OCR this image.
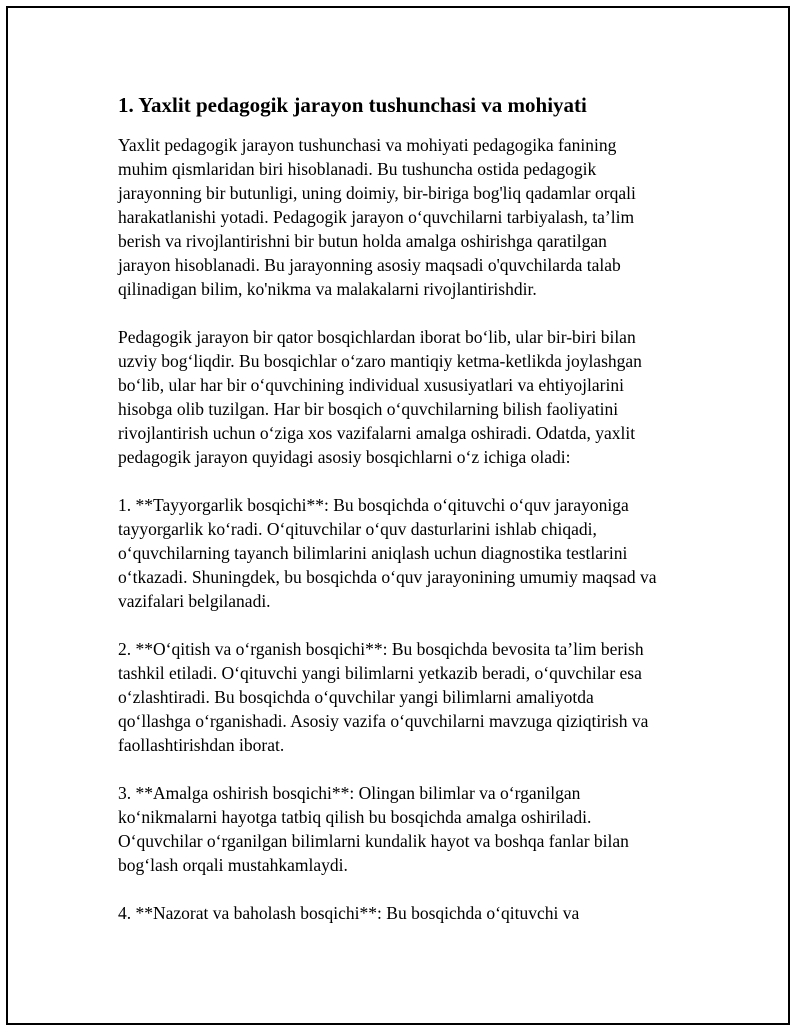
1. Yaxlit pedagogik jarayon tushunchasi va mohiyati

Yaxlit pedagogik jarayon tushunchasi va mohiyati pedagogika fanining
muhim qismlaridan biri hisoblanadi. Bu tushuncha ostida pedagogik
jarayonning bir butunligi, uning doimiy, bir-biriga bog'liq qadamlar orqali
harakatlanishi yotadi. Pedagogik jarayon o‘quvchilarni tarbiyalash, ta’lim
berish va rivojlantirishni bir butun holda amalga oshirishga qaratilgan
jarayon hisoblanadi. Bu jarayonning asosiy maqsadi o'quvchilarda talab
qilinadigan bilim, ko'nikma va malakalarni rivojlantirishdir.

Pedagogik jarayon bir qator bosqichlardan iborat bo‘lib, ular bir-biri bilan
uzviy bog‘liqdir. Bu bosqichlar o‘zaro mantiqiy ketma-ketlikda joylashgan
bo‘lib, ular har bir o‘quvchining individual xususiyatlari va ehtiyojlarini
hisobga olib tuzilgan. Har bir bosqich o‘quvchilarning bilish faoliyatini
rivojlantirish uchun o‘ziga xos vazifalarni amalga oshiradi. Odatda, yaxlit
pedagogik jarayon quyidagi asosiy bosqichlarni o‘z ichiga oladi:

1. **Tayyorgarlik bosqichi**: Bu bosqichda o‘qituvchi o‘quv jarayoniga
tayyorgarlik ko‘radi. O‘qituvchilar o‘quv dasturlarini ishlab chiqadi,
o‘quvchilarning tayanch bilimlarini aniqlash uchun diagnostika testlarini
o‘tkazadi. Shuningdek, bu bosqichda o‘quv jarayonining umumiy maqsad va
vazifalari belgilanadi.

2. **O‘qitish va o‘rganish bosqichi**: Bu bosqichda bevosita ta’lim berish
tashkil etiladi. O‘qituvchi yangi bilimlarni yetkazib beradi, o‘quvchilar esa
o‘zlashtiradi. Bu bosqichda o‘quvchilar yangi bilimlarni amaliyotda
qo‘llashga o‘rganishadi. Asosiy vazifa o‘quvchilarni mavzuga qiziqtirish va
faollashtirishdan iborat.

3. **Amalga oshirish bosqichi**: Olingan bilimlar va o‘rganilgan
ko‘nikmalarni hayotga tatbiq qilish bu bosqichda amalga oshiriladi.
O‘quvchilar o‘rganilgan bilimlarni kundalik hayot va boshqa fanlar bilan
bog‘lash orqali mustahkamlaydi.

4. **Nazorat va baholash bosqichi**: Bu bosqichda o‘qituvchi va
